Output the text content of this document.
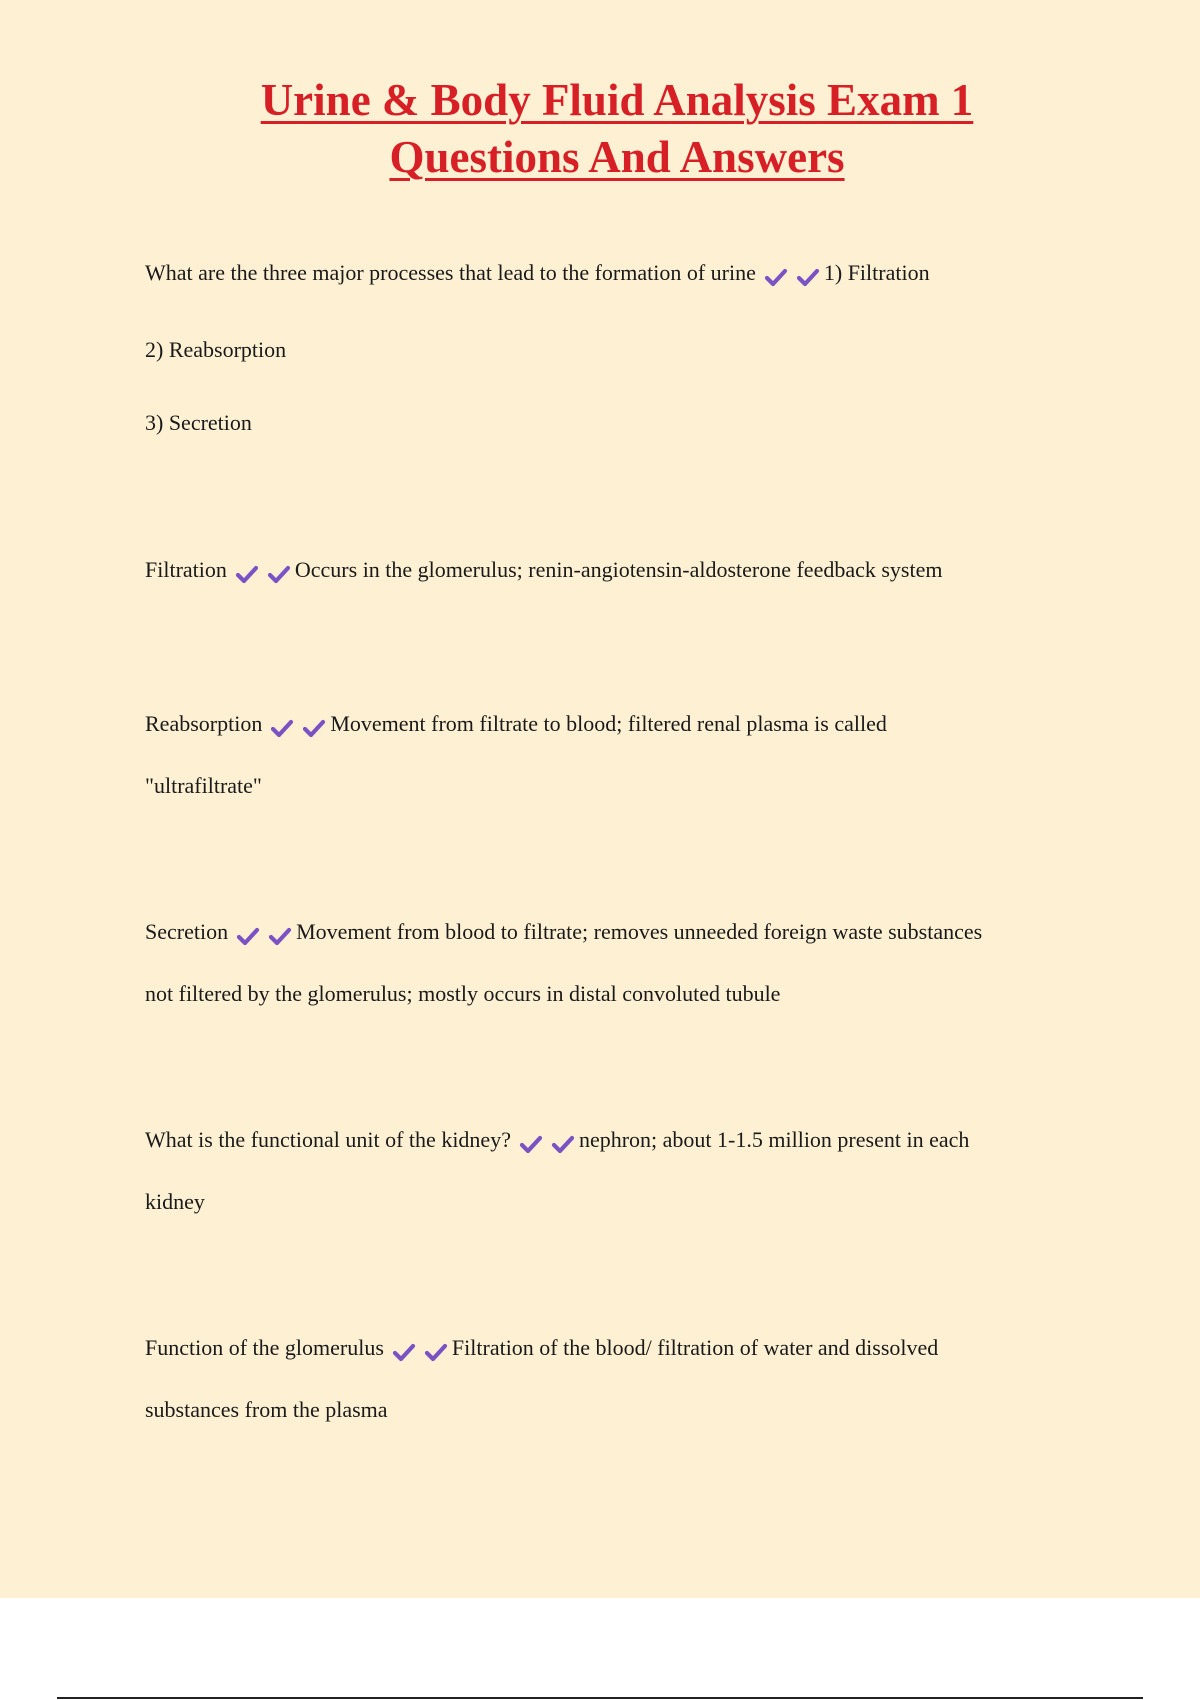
Urine & Body Fluid Analysis Exam 1
Questions And Answers
What are the three major processes that lead to the formation of urine	1) Filtration
2) Reabsorption
3) Secretion
Filtration	Occurs in the glomerulus; renin-angiotensin-aldosterone feedback system
Reabsorption	Movement from filtrate to blood; filtered renal plasma is called
"ultrafiltrate"
Secretion	Movement from blood to filtrate; removes unneeded foreign waste substances
not filtered by the glomerulus; mostly occurs in distal convoluted tubule
What is the functional unit of the kidney?	nephron; about 1-1.5 million present in each
kidney
Function of the glomerulus	Filtration of the blood/ filtration of water and dissolved
substances from the plasma
